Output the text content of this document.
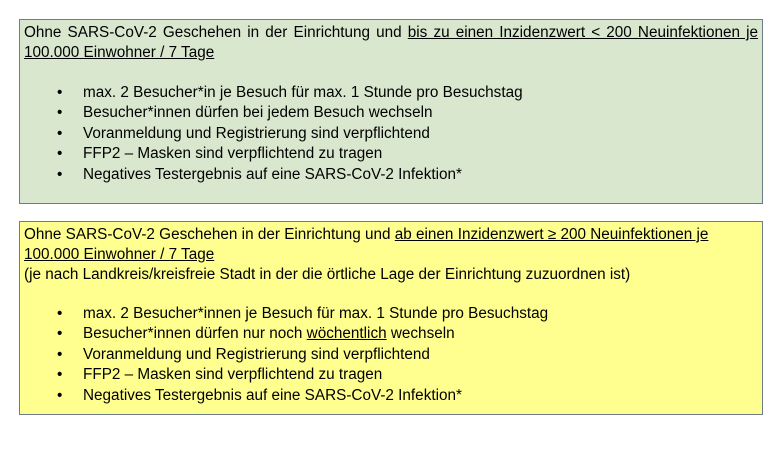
Ohne SARS-CoV-2 Geschehen in der Einrichtung und bis zu einen Inzidenzwert < 200 Neuinfektionen je 100.000 Einwohner / 7 Tage
• max. 2 Besucher*in je Besuch für max. 1 Stunde pro Besuchstag
• Besucher*innen dürfen bei jedem Besuch wechseln
• Voranmeldung und Registrierung sind verpflichtend
• FFP2 – Masken sind verpflichtend zu tragen
• Negatives Testergebnis auf eine SARS-CoV-2 Infektion*
Ohne SARS-CoV-2 Geschehen in der Einrichtung und ab einen Inzidenzwert ≥ 200 Neuinfektionen je 100.000 Einwohner / 7 Tage
(je nach Landkreis/kreisfreie Stadt in der die örtliche Lage der Einrichtung zuzuordnen ist)
• max. 2 Besucher*innen je Besuch für max. 1 Stunde pro Besuchstag
• Besucher*innen dürfen nur noch wöchentlich wechseln
• Voranmeldung und Registrierung sind verpflichtend
• FFP2 – Masken sind verpflichtend zu tragen
• Negatives Testergebnis auf eine SARS-CoV-2 Infektion*
